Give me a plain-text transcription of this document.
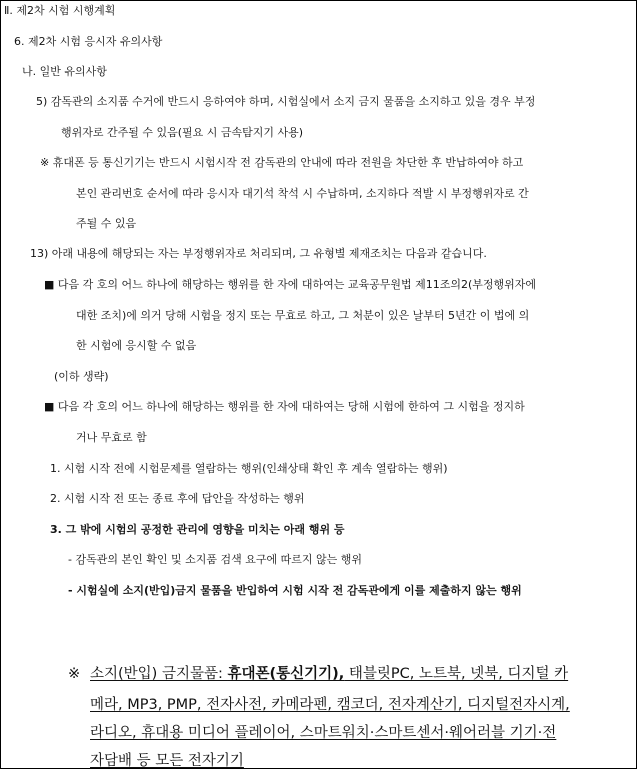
Ⅱ. 제2차 시험 시행계획
6. 제2차 시험 응시자 유의사항
나. 일반 유의사항
5) 감독관의 소지품 수거에 반드시 응하여야 하며, 시험실에서 소지 금지 물품을 소지하고 있을 경우 부정
행위자로 간주될 수 있음(필요 시 금속탐지기 사용)
※ 휴대폰 등 통신기기는 반드시 시험시작 전 감독관의 안내에 따라 전원을 차단한 후 반납하여야 하고
본인 관리번호 순서에 따라 응시자 대기석 착석 시 수납하며, 소지하다 적발 시 부정행위자로 간
주될 수 있음
13) 아래 내용에 해당되는 자는 부정행위자로 처리되며, 그 유형별 제재조치는 다음과 같습니다.
■ 다음 각 호의 어느 하나에 해당하는 행위를 한 자에 대하여는 교육공무원법 제11조의2(부정행위자에
대한 조치)에 의거 당해 시험을 정지 또는 무효로 하고, 그 처분이 있은 날부터 5년간 이 법에 의
한 시험에 응시할 수 없음
(이하 생략)
■ 다음 각 호의 어느 하나에 해당하는 행위를 한 자에 대하여는 당해 시험에 한하여 그 시험을 정지하
거나 무효로 함
1. 시험 시작 전에 시험문제를 열람하는 행위(인쇄상태 확인 후 계속 열람하는 행위)
2. 시험 시작 전 또는 종료 후에 답안을 작성하는 행위
3. 그 밖에 시험의 공정한 관리에 영향을 미치는 아래 행위 등
- 감독관의 본인 확인 및 소지품 검색 요구에 따르지 않는 행위
- 시험실에 소지(반입)금지 물품을 반입하여 시험 시작 전 감독관에게 이를 제출하지 않는 행위
※ 소지(반입) 금지물품: 휴대폰(통신기기), 태블릿PC, 노트북, 넷북, 디지털 카
메라, MP3, PMP, 전자사전, 카메라펜, 캠코더, 전자계산기, 디지털전자시계,
라디오, 휴대용 미디어 플레이어, 스마트워치·스마트센서·웨어러블 기기·전
자담배 등 모든 전자기기
